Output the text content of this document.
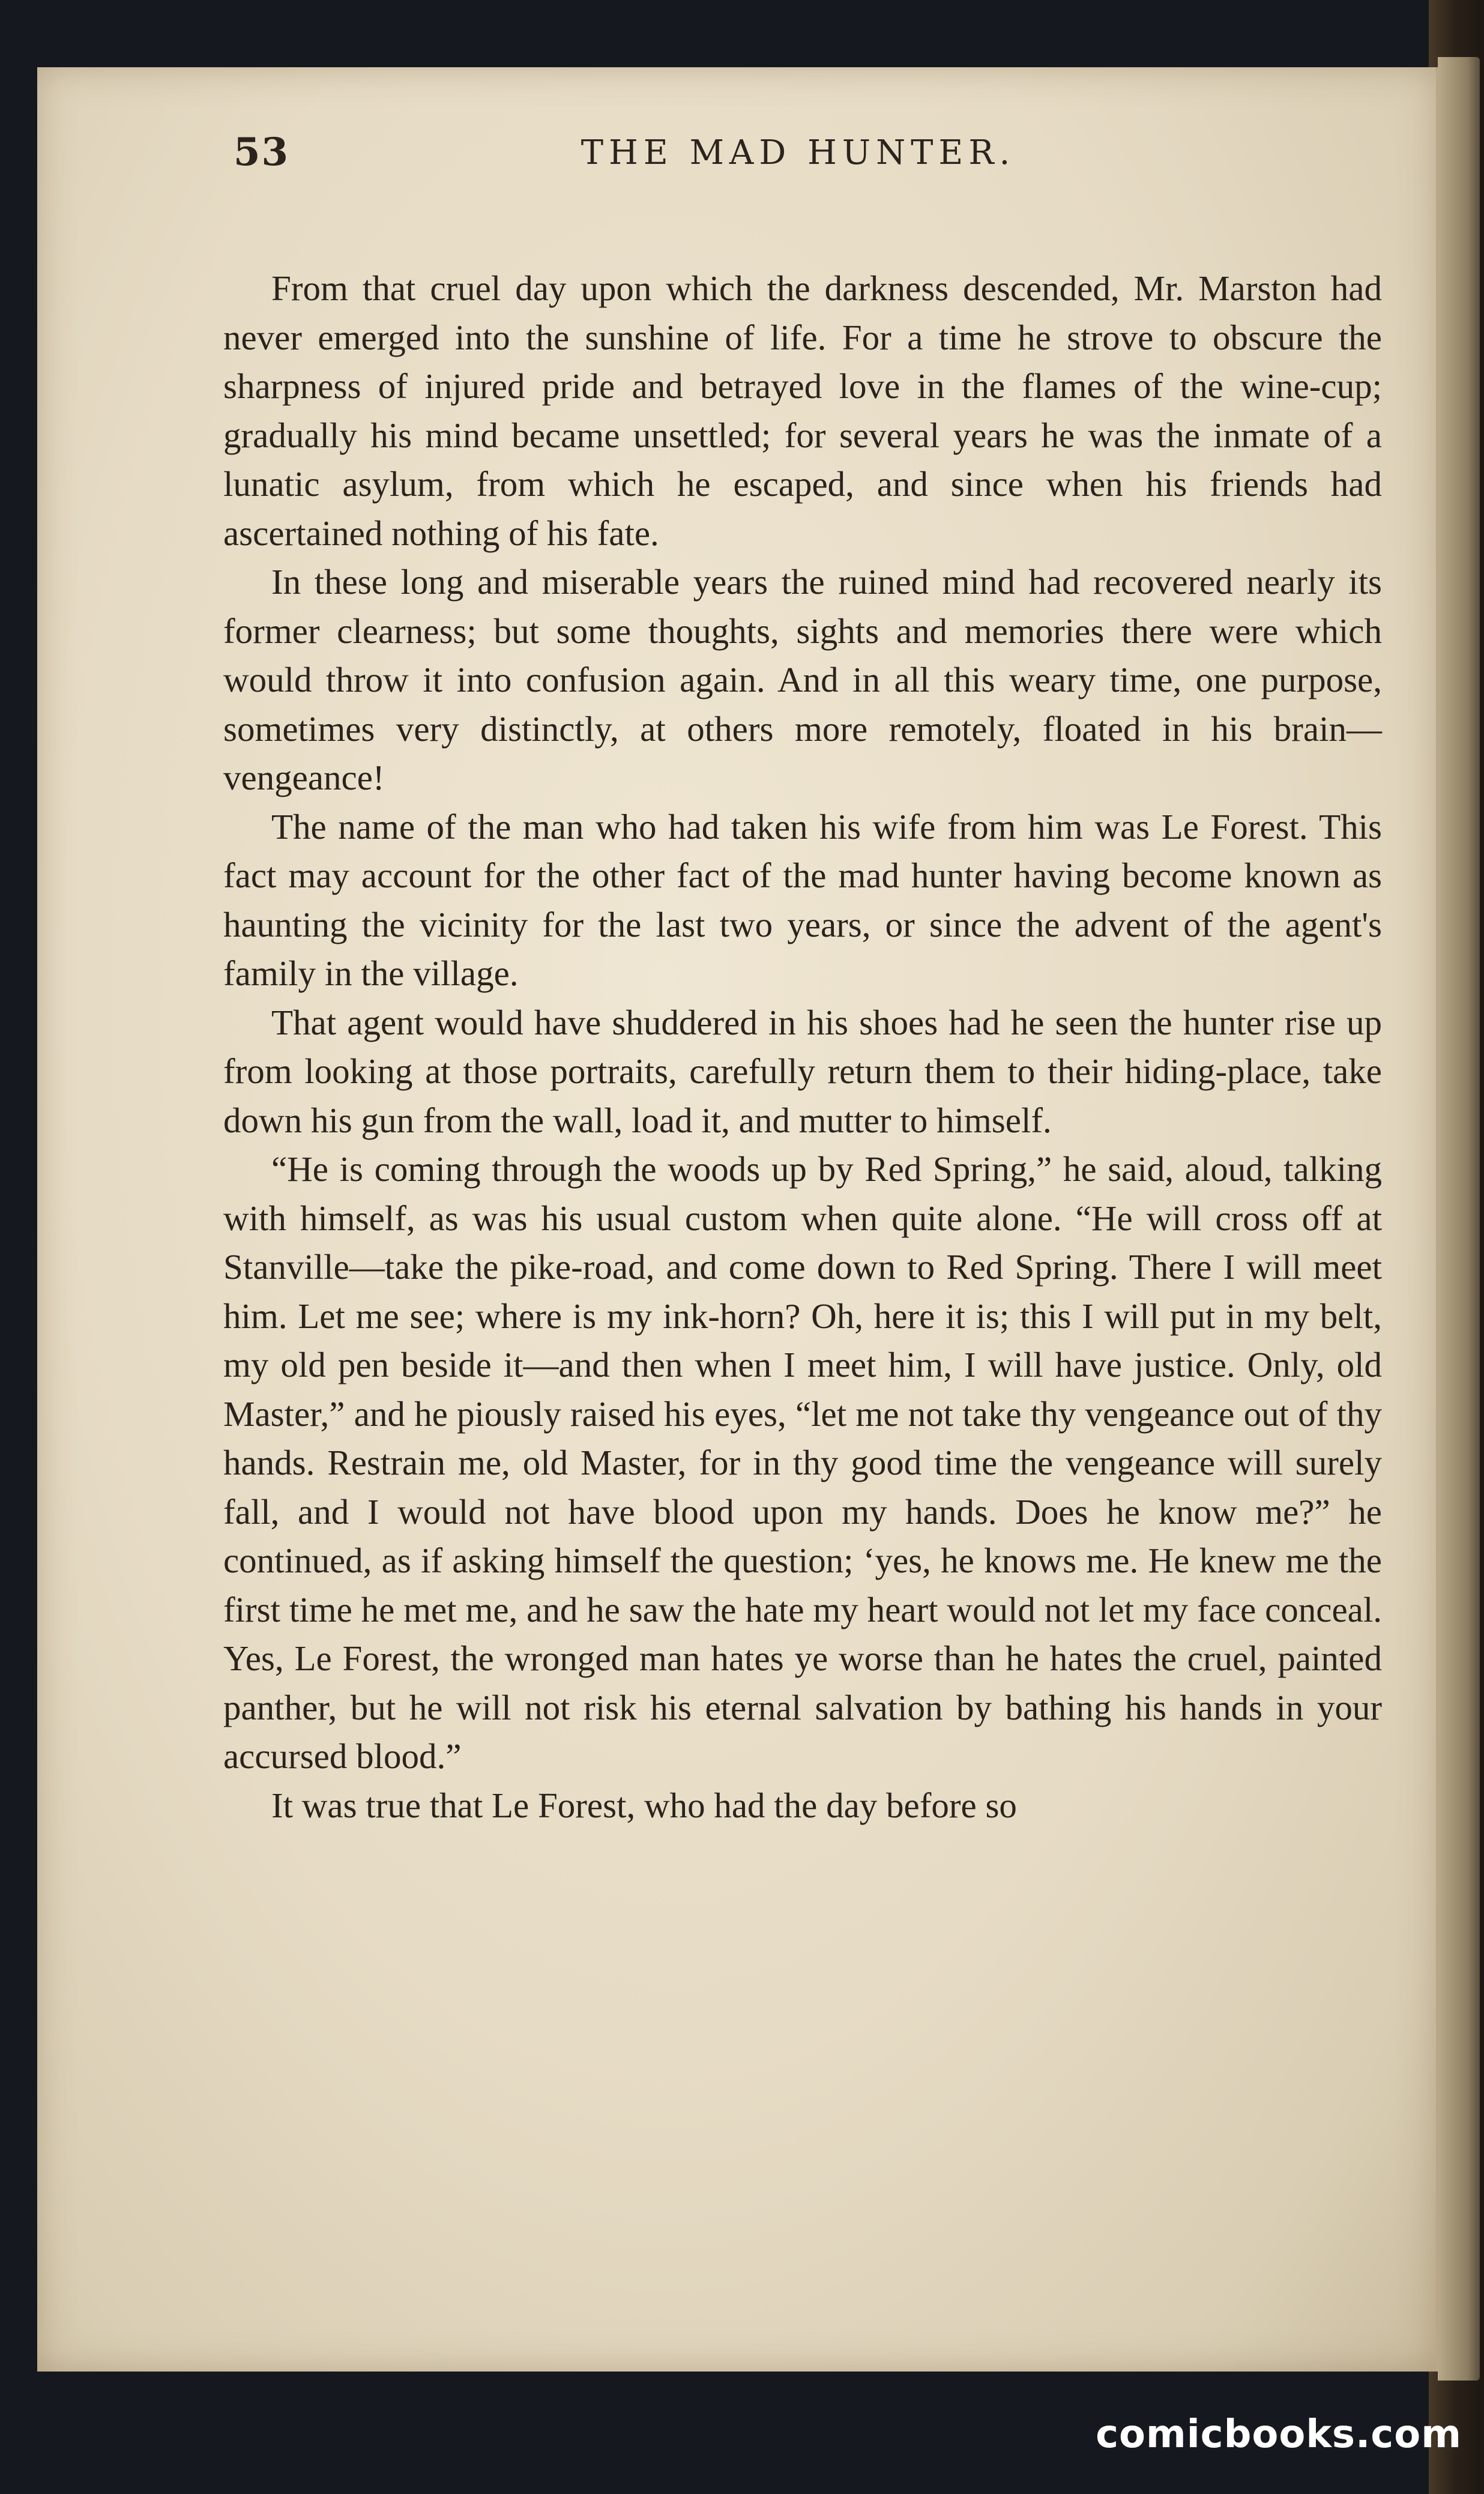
53	THE MAD HUNTER.

From that cruel day upon which the darkness descended, Mr. Marston had never emerged into the sunshine of life. For a time he strove to obscure the sharpness of injured pride and betrayed love in the flames of the wine-cup; gradually his mind became unsettled; for several years he was the inmate of a lunatic asylum, from which he escaped, and since when his friends had ascertained nothing of his fate.

In these long and miserable years the ruined mind had recovered nearly its former clearness; but some thoughts, sights and memories there were which would throw it into confusion again. And in all this weary time, one purpose, sometimes very distinctly, at others more remotely, floated in his brain—vengeance!

The name of the man who had taken his wife from him was Le Forest. This fact may account for the other fact of the mad hunter having become known as haunting the vicinity for the last two years, or since the advent of the agent's family in the village.

That agent would have shuddered in his shoes had he seen the hunter rise up from looking at those portraits, carefully return them to their hiding-place, take down his gun from the wall, load it, and mutter to himself.

“He is coming through the woods up by Red Spring,” he said, aloud, talking with himself, as was his usual custom when quite alone. “He will cross off at Stanville—take the pike-road, and come down to Red Spring. There I will meet him. Let me see; where is my ink-horn? Oh, here it is; this I will put in my belt, my old pen beside it—and then when I meet him, I will have justice. Only, old Master,” and he piously raised his eyes, “let me not take thy vengeance out of thy hands. Restrain me, old Master, for in thy good time the vengeance will surely fall, and I would not have blood upon my hands. Does he know me?” he continued, as if asking himself the question; ‘yes, he knows me. He knew me the first time he met me, and he saw the hate my heart would not let my face conceal. Yes, Le Forest, the wronged man hates ye worse than he hates the cruel, painted panther, but he will not risk his eternal salvation by bathing his hands in your accursed blood.”

It was true that Le Forest, who had the day before so

comicbooks.com
